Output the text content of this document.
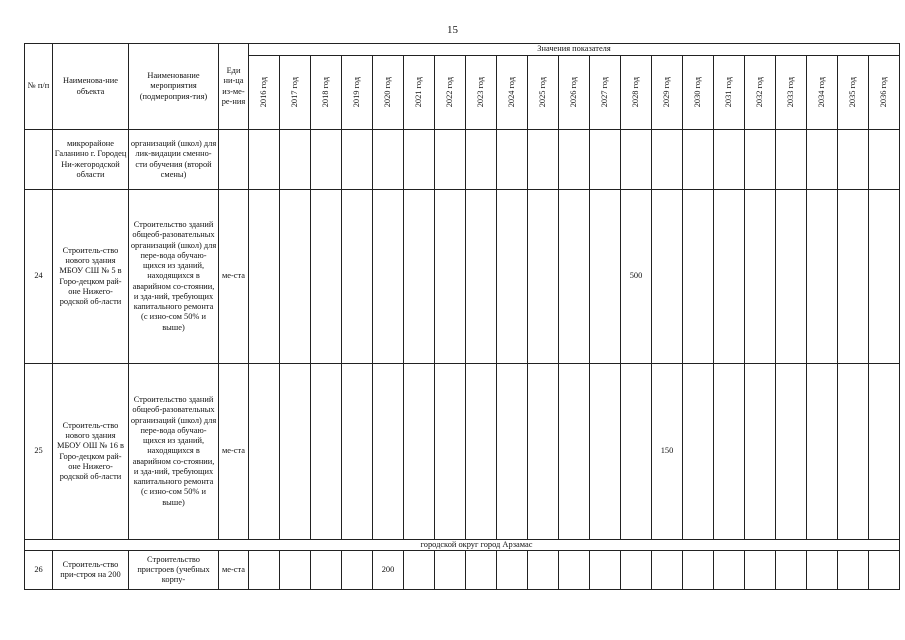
15
№ п/п	Наименова-ние объекта	Наименование мероприятия (подмероприя-тия)	Еди ни-ца из-ме-ре-ния	Значения показателя																				

				2016 год	2017 год	2018 год	2019 год	2020 год	2021 год	2022 год	2023 год	2024 год	2025 год	2026 год	2027 год	2028 год	2029 год	2030 год	2031 год	2032 год	2033 год	2034 год	2035 год	2036 год

	микрорайоне Галанино г. Городец Ни-жегородской области	организаций (школ) для лик-видации сменно-сти обучения (второй смены)																						
24	Строитель-ство нового здания МБОУ СШ № 5 в Горо-децком рай-оне Нижего-родской об-ласти	Строительство зданий общеоб-разовательных организаций (школ) для пере-вода обучаю-щихся из зданий, находящихся в аварийном со-стоянии, и зда-ний, требующих капитального ремонта (с изно-сом 50% и выше)	ме-ста													500								
25	Строитель-ство нового здания МБОУ ОШ № 16 в Горо-децком рай-оне Нижего-родской об-ласти	Строительство зданий общеоб-разовательных организаций (школ) для пере-вода обучаю-щихся из зданий, находящихся в аварийном со-стоянии, и зда-ний, требующих капитального ремонта (с изно-сом 50% и выше)	ме-ста														150							
городской округ город Арзамас																								
26	Строитель-ство при-строя на 200	Строительство пристроев (учебных корпу-	ме-ста					200																
